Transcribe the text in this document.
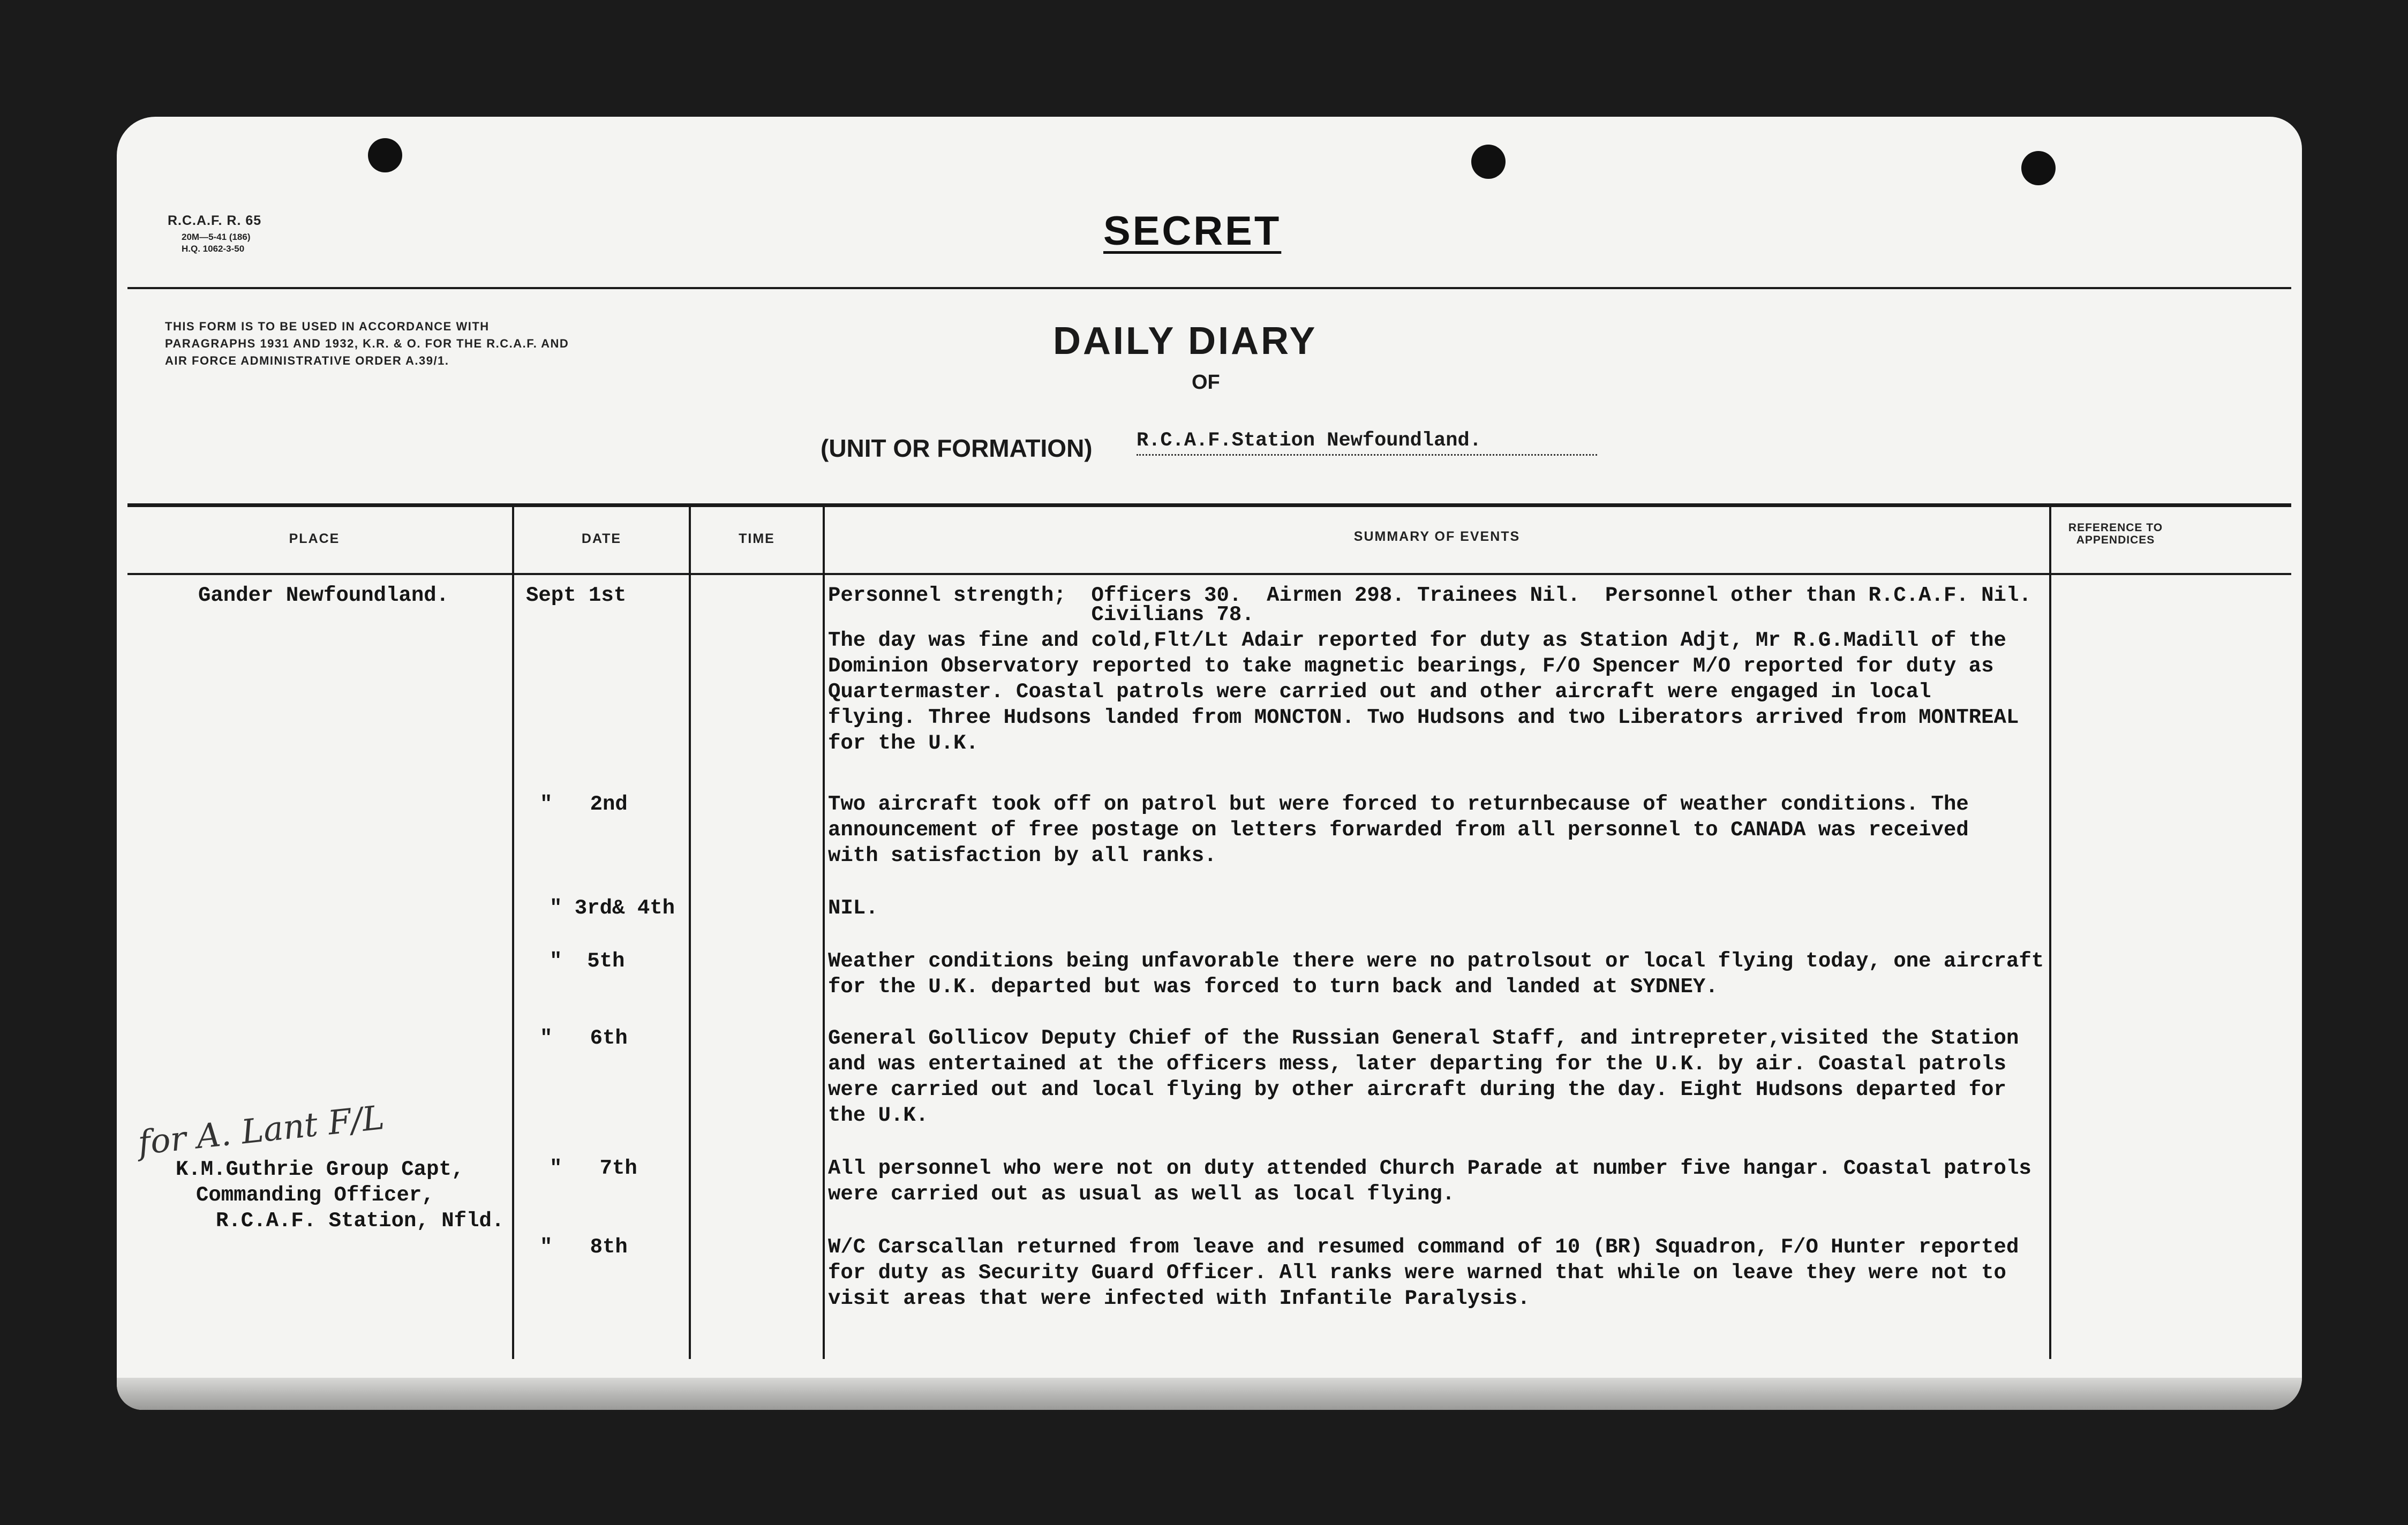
R.C.A.F. R. 65
20M—5-41 (186)
H.Q. 1062-3-50	SECRET
THIS FORM IS TO BE USED IN ACCORDANCE WITH PARAGRAPHS 1931 AND 1932, K.R. & O. FOR THE R.C.A.F. AND AIR FORCE ADMINISTRATIVE ORDER A.39/1.	DAILY DIARY
OF
(UNIT OR FORMATION) R.C.A.F.Station Newfoundland.
PLACE	DATE	TIME	SUMMARY OF EVENTS
REFERENCE TO APPENDICES
Gander Newfoundland.	Sept 1st	Personnel strength;  Officers 30.  Airmen 298. Trainees Nil.  Personnel other than R.C.A.F. Nil.
Civilians 78.
The day was fine and cold,Flt/Lt Adair reported for duty as Station Adjt, Mr R.G.Madill of the
Dominion Observatory reported to take magnetic bearings, F/O Spencer M/O reported for duty as
Quartermaster. Coastal patrols were carried out and other aircraft were engaged in local
flying. Three Hudsons landed from MONCTON. Two Hudsons and two Liberators arrived from MONTREAL
for the U.K.
"   2nd	Two aircraft took off on patrol but were forced to returnbecause of weather conditions. The
announcement of free postage on letters forwarded from all personnel to CANADA was received
with satisfaction by all ranks.
" 3rd& 4th	NIL.
"  5th	Weather conditions being unfavorable there were no patrolsout or local flying today, one aircraft
for the U.K. departed but was forced to turn back and landed at SYDNEY.
"   6th	General Gollicov Deputy Chief of the Russian General Staff, and intrepreter,visited the Station
and was entertained at the officers mess, later departing for the U.K. by air. Coastal patrols
were carried out and local flying by other aircraft during the day. Eight Hudsons departed for
the U.K.
"   7th	All personnel who were not on duty attended Church Parade at number five hangar. Coastal patrols
were carried out as usual as well as local flying.
"   8th	W/C Carscallan returned from leave and resumed command of 10 (BR) Squadron, F/O Hunter reported
for duty as Security Guard Officer. All ranks were warned that while on leave they were not to
visit areas that were infected with Infantile Paralysis.
for A. Lant F/L
K.M.Guthrie Group Capt,
Commanding Officer,
R.C.A.F. Station, Nfld.
